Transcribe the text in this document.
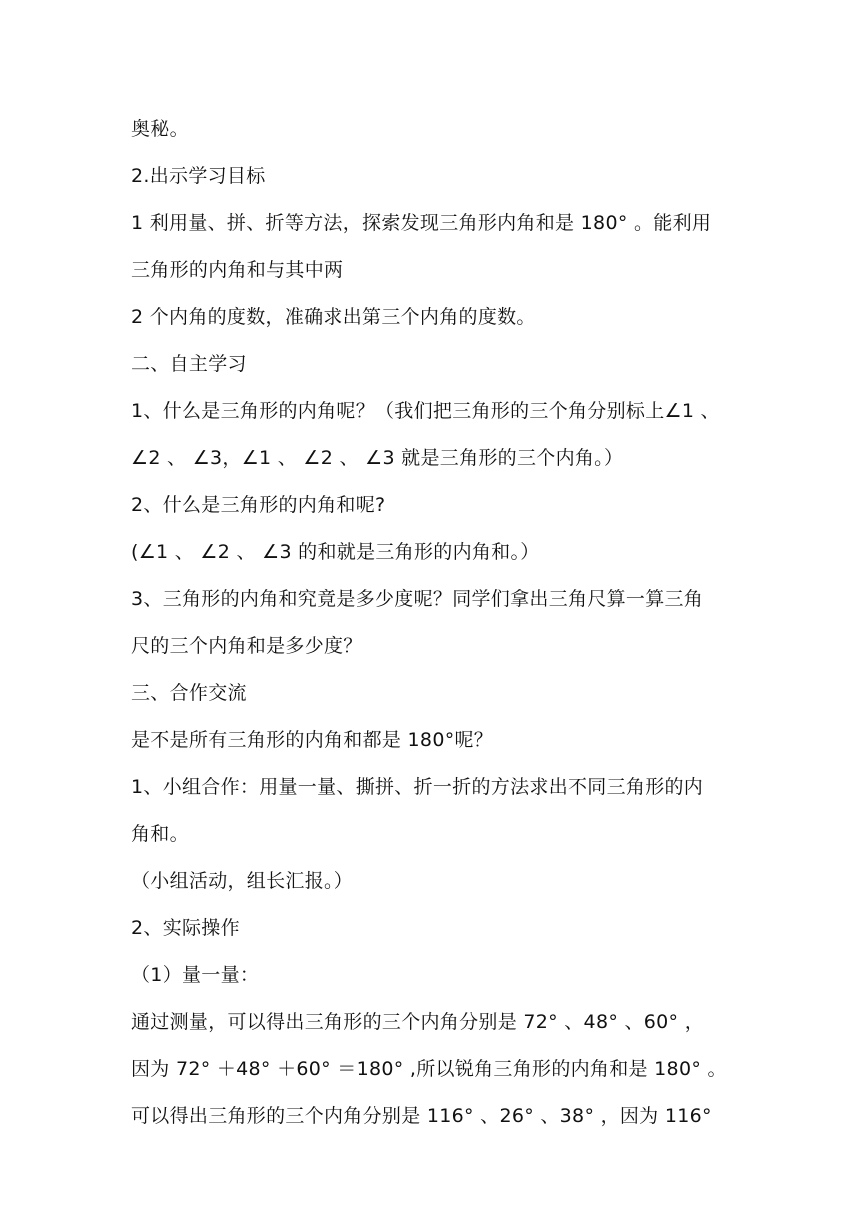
奥秘。
2.出示学习目标
1 利用量、拼、折等方法，探索发现三角形内角和是 180° 。能利用
三角形的内角和与其中两
2 个内角的度数，准确求出第三个内角的度数。
二、自主学习
1、什么是三角形的内角呢？（我们把三角形的三个角分别标上∠1 、
∠2 、 ∠3，∠1 、 ∠2 、 ∠3 就是三角形的三个内角。）
2、什么是三角形的内角和呢?
(∠1 、 ∠2 、 ∠3 的和就是三角形的内角和。）
3、三角形的内角和究竟是多少度呢？同学们拿出三角尺算一算三角
尺的三个内角和是多少度？
三、合作交流
是不是所有三角形的内角和都是 180°呢？
1、小组合作：用量一量、撕拼、折一折的方法求出不同三角形的内
角和。
（小组活动，组长汇报。）
2、实际操作
（1）量一量：
通过测量，可以得出三角形的三个内角分别是 72° 、48° 、60° ，
因为 72° ＋48° ＋60° ＝180° ,所以锐角三角形的内角和是 180° 。
可以得出三角形的三个内角分别是 116° 、26° 、38° ，因为 116°
